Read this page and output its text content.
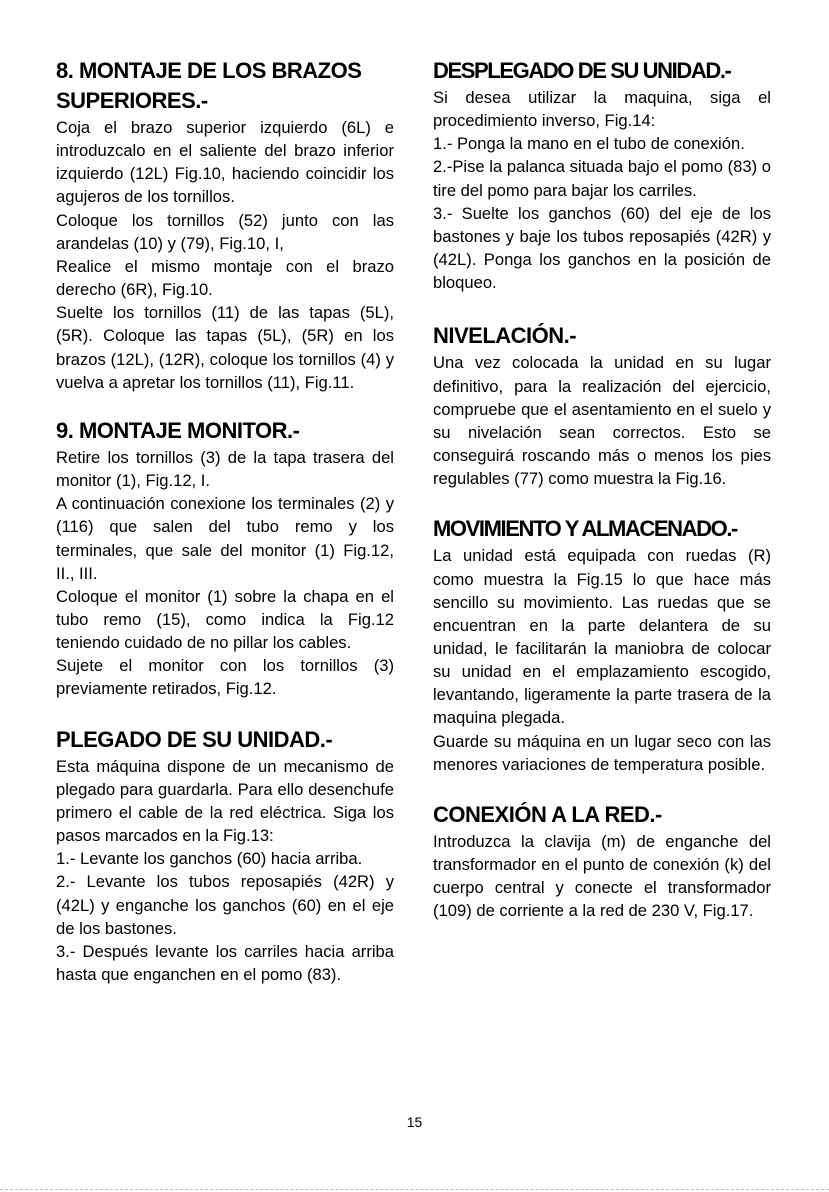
8. MONTAJE DE LOS BRAZOS SUPERIORES.-

Coja el brazo superior izquierdo (6L) e introduzcalo en el saliente del brazo inferior izquierdo (12L) Fig.10, haciendo coincidir los agujeros de los tornillos.

Coloque los tornillos (52) junto con las arandelas (10) y (79), Fig.10, I,

Realice el mismo montaje con el brazo derecho (6R), Fig.10.

Suelte los tornillos (11) de las tapas (5L), (5R). Coloque las tapas (5L), (5R) en los brazos (12L), (12R), coloque los tornillos (4) y vuelva a apretar los tornillos (11), Fig.11.

9. MONTAJE MONITOR.-

Retire los tornillos (3) de la tapa trasera del monitor (1), Fig.12, I.

A continuación conexione los terminales (2) y (116) que salen del tubo remo y los terminales, que sale del monitor (1) Fig.12, II., III.

Coloque el monitor (1) sobre la chapa en el tubo remo (15), como indica la Fig.12 teniendo cuidado de no pillar los cables.

Sujete el monitor con los tornillos (3) previamente retirados, Fig.12.

PLEGADO DE SU UNIDAD.-

Esta máquina dispone de un mecanismo de plegado para guardarla. Para ello desenchufe primero el cable de la red eléctrica. Siga los pasos marcados en la Fig.13:

1.- Levante los ganchos (60) hacia arriba.

2.- Levante los tubos reposapiés (42R) y (42L) y enganche los ganchos (60) en el eje de los bastones.

3.- Después levante los carriles hacia arriba hasta que enganchen en el pomo (83).

DESPLEGADO DE SU UNIDAD.-

Si desea utilizar la maquina, siga el procedimiento inverso, Fig.14:

1.- Ponga la mano en el tubo de conexión.

2.-Pise la palanca situada bajo el pomo (83) o tire del pomo para bajar los carriles.

3.- Suelte los ganchos (60) del eje de los bastones y baje los tubos reposapiés (42R) y (42L). Ponga los ganchos en la posición de bloqueo.

NIVELACIÓN.-

Una vez colocada la unidad en su lugar definitivo, para la realización del ejercicio, compruebe que el asentamiento en el suelo y su nivelación sean correctos. Esto se conseguirá roscando más o menos los pies regulables (77) como muestra la Fig.16.

MOVIMIENTO Y ALMACENADO.-

La unidad está equipada con ruedas (R) como muestra la Fig.15 lo que hace más sencillo su movimiento. Las ruedas que se encuentran en la parte delantera de su unidad, le facilitarán la maniobra de colocar su unidad en el emplazamiento escogido, levantando, ligeramente la parte trasera de la maquina plegada.

Guarde su máquina en un lugar seco con las menores variaciones de temperatura posible.

CONEXIÓN A LA RED.-

Introduzca la clavija (m) de enganche del transformador en el punto de conexión (k) del cuerpo central y conecte el transformador (109) de corriente a la red de 230 V, Fig.17.

15
